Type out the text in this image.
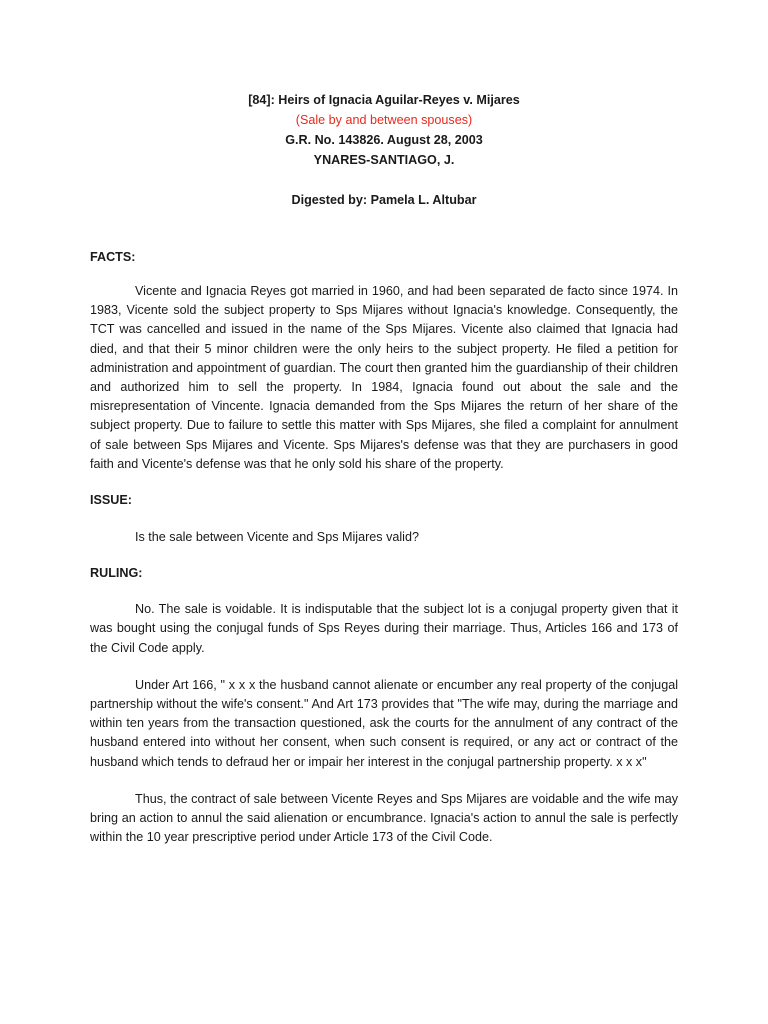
[84]: Heirs of Ignacia Aguilar-Reyes v. Mijares
(Sale by and between spouses)
G.R. No. 143826. August 28, 2003
YNARES-SANTIAGO, J.
Digested by: Pamela L. Altubar
FACTS:

Vicente and Ignacia Reyes got married in 1960, and had been separated de facto since 1974. In 1983, Vicente sold the subject property to Sps Mijares without Ignacia's knowledge. Consequently, the TCT was cancelled and issued in the name of the Sps Mijares. Vicente also claimed that Ignacia had died, and that their 5 minor children were the only heirs to the subject property. He filed a petition for administration and appointment of guardian. The court then granted him the guardianship of their children and authorized him to sell the property. In 1984, Ignacia found out about the sale and the misrepresentation of Vincente. Ignacia demanded from the Sps Mijares the return of her share of the subject property. Due to failure to settle this matter with Sps Mijares, she filed a complaint for annulment of sale between Sps Mijares and Vicente. Sps Mijares's defense was that they are purchasers in good faith and Vicente's defense was that he only sold his share of the property.

ISSUE:

Is the sale between Vicente and Sps Mijares valid?

RULING:

No. The sale is voidable. It is indisputable that the subject lot is a conjugal property given that it was bought using the conjugal funds of Sps Reyes during their marriage. Thus, Articles 166 and 173 of the Civil Code apply.

Under Art 166, " x x x the husband cannot alienate or encumber any real property of the conjugal partnership without the wife's consent." And Art 173 provides that "The wife may, during the marriage and within ten years from the transaction questioned, ask the courts for the annulment of any contract of the husband entered into without her consent, when such consent is required, or any act or contract of the husband which tends to defraud her or impair her interest in the conjugal partnership property. x x x"

Thus, the contract of sale between Vicente Reyes and Sps Mijares are voidable and the wife may bring an action to annul the said alienation or encumbrance. Ignacia's action to annul the sale is perfectly within the 10 year prescriptive period under Article 173 of the Civil Code.
